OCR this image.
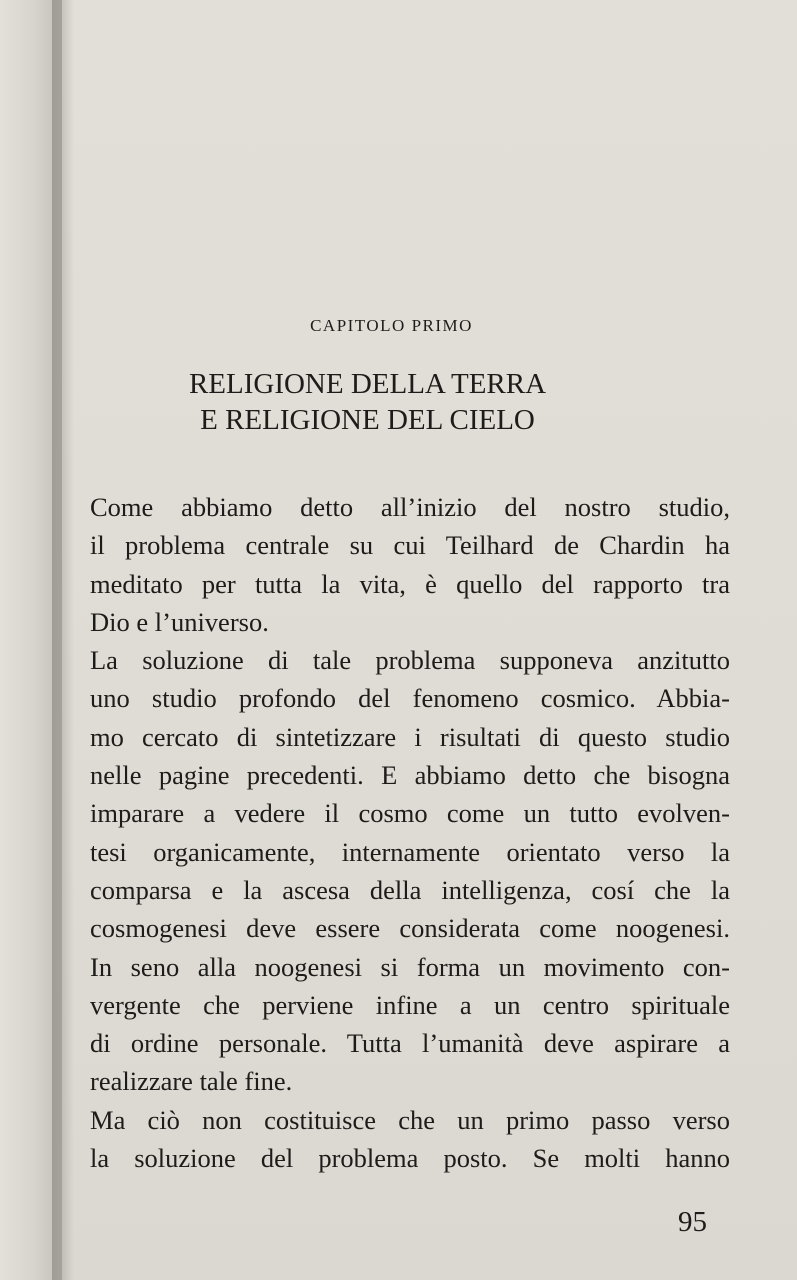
CAPITOLO PRIMO
RELIGIONE DELLA TERRA
E RELIGIONE DEL CIELO
Come abbiamo detto all’inizio del nostro studio,
il problema centrale su cui Teilhard de Chardin ha
meditato per tutta la vita, è quello del rapporto tra
Dio e l’universo.
La soluzione di tale problema supponeva anzitutto
uno studio profondo del fenomeno cosmico. Abbia-
mo cercato di sintetizzare i risultati di questo studio
nelle pagine precedenti. E abbiamo detto che bisogna
imparare a vedere il cosmo come un tutto evolven-
tesi organicamente, internamente orientato verso la
comparsa e la ascesa della intelligenza, cosí che la
cosmogenesi deve essere considerata come noogenesi.
In seno alla noogenesi si forma un movimento con-
vergente che perviene infine a un centro spirituale
di ordine personale. Tutta l’umanità deve aspirare a
realizzare tale fine.
Ma ciò non costituisce che un primo passo verso
la soluzione del problema posto. Se molti hanno
95
